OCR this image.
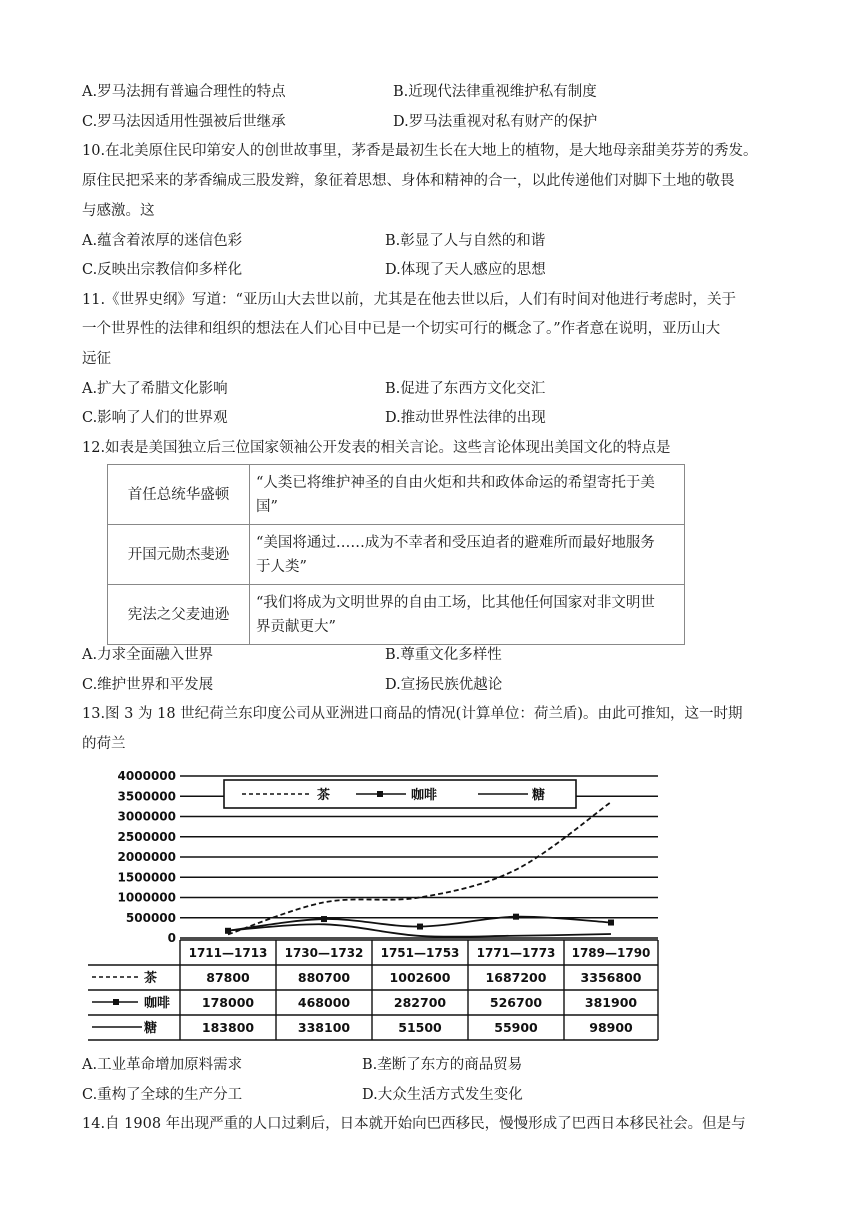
A.罗马法拥有普遍合理性的特点	B.近现代法律重视维护私有制度
C.罗马法因适用性强被后世继承	D.罗马法重视对私有财产的保护
10.在北美原住民印第安人的创世故事里，茅香是最初生长在大地上的植物，是大地母亲甜美芬芳的秀发。
原住民把采来的茅香编成三股发辫，象征着思想、身体和精神的合一，以此传递他们对脚下土地的敬畏
与感激。这
A.蕴含着浓厚的迷信色彩	B.彰显了人与自然的和谐
C.反映出宗教信仰多样化	D.体现了天人感应的思想
11.《世界史纲》写道：“亚历山大去世以前，尤其是在他去世以后，人们有时间对他进行考虑时，关于
一个世界性的法律和组织的想法在人们心目中已是一个切实可行的概念了。”作者意在说明，亚历山大
远征
A.扩大了希腊文化影响	B.促进了东西方文化交汇
C.影响了人们的世界观	D.推动世界性法律的出现
12.如表是美国独立后三位国家领袖公开发表的相关言论。这些言论体现出美国文化的特点是
首任总统华盛顿	“人类已将维护神圣的自由火炬和共和政体命运的希望寄托于美
国”

开国元勋杰斐逊	“美国将通过……成为不幸者和受压迫者的避难所而最好地服务
于人类”

宪法之父麦迪逊	“我们将成为文明世界的自由工场，比其他任何国家对非文明世
界贡献更大”
A.力求全面融入世界	B.尊重文化多样性
C.维护世界和平发展	D.宣扬民族优越论
13.图 3 为 18 世纪荷兰东印度公司从亚洲进口商品的情况(计算单位：荷兰盾)。由此可推知，这一时期
的荷兰
4000000
3500000
3000000
2500000
2000000
1500000
1000000
500000
0
茶	咖啡	糖
1711—1713 1730—1732 1751—1753 1771—1773 1789—1790
茶	87800	880700	1002600	1687200	3356800
咖啡	178000	468000	282700	526700	381900
糖	183800	338100	51500	55900	98900
A.工业革命增加原料需求	B.垄断了东方的商品贸易
C.重构了全球的生产分工	D.大众生活方式发生变化
14.自 1908 年出现严重的人口过剩后，日本就开始向巴西移民，慢慢形成了巴西日本移民社会。但是与
